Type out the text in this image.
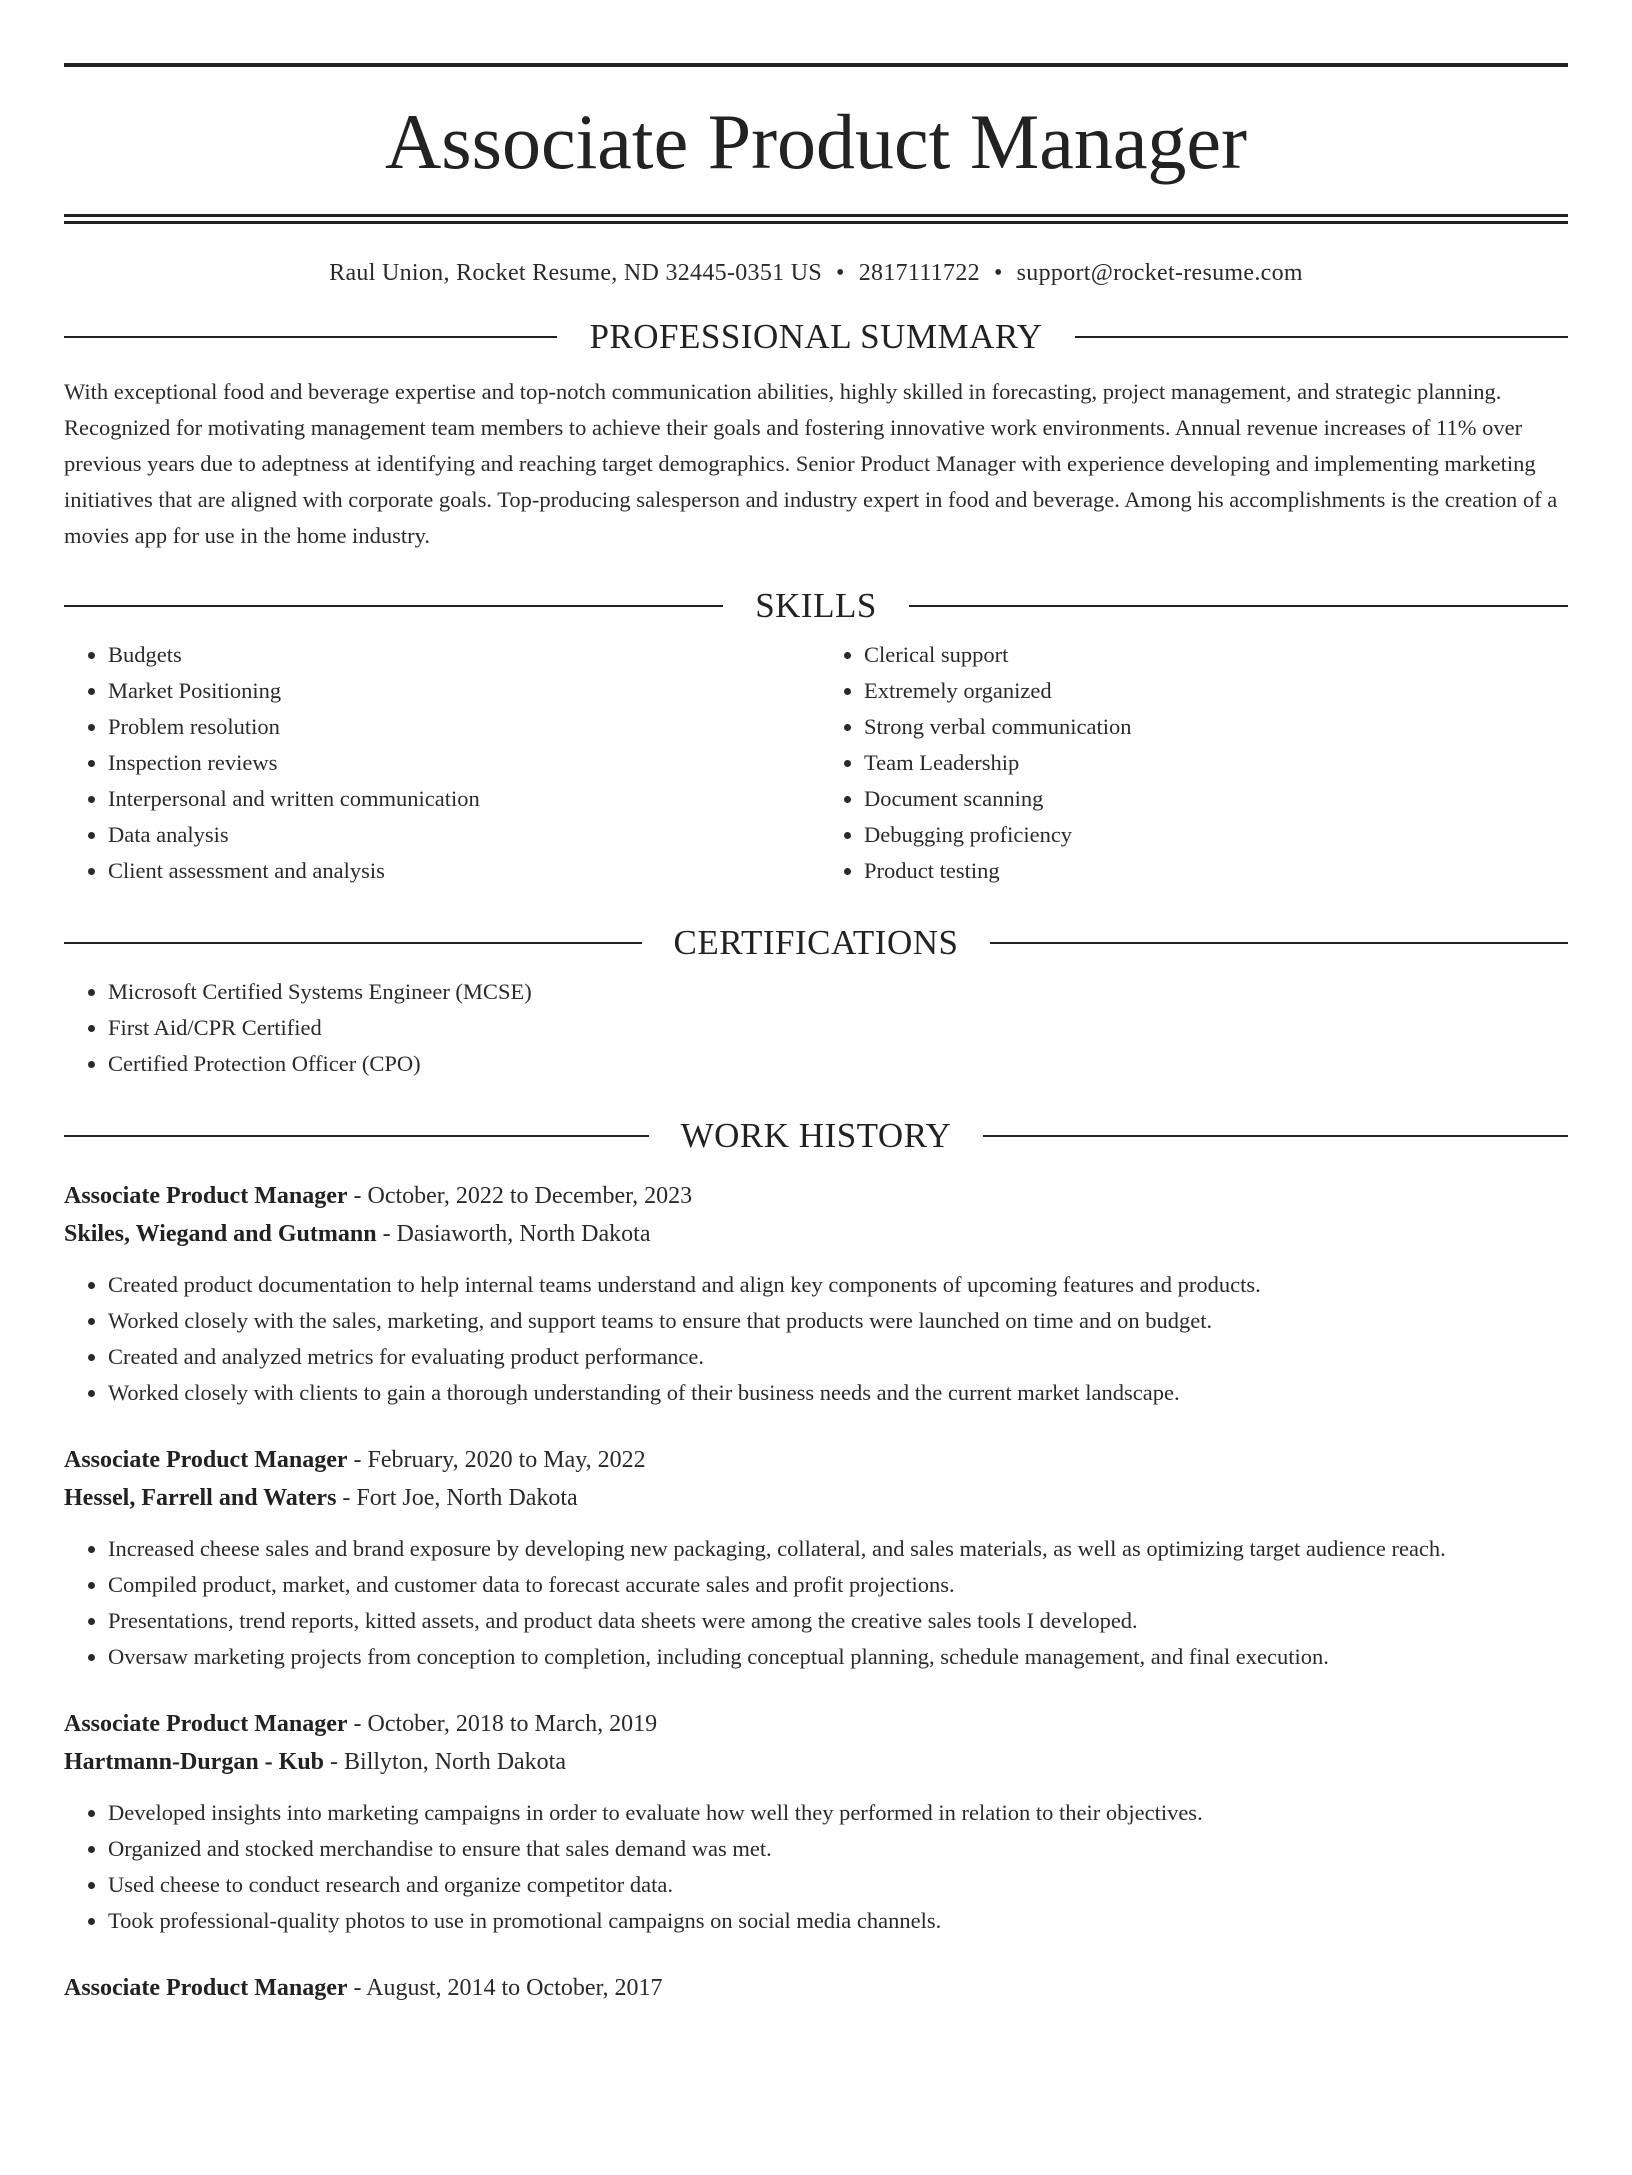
Associate Product Manager
Raul Union, Rocket Resume, ND 32445-0351 US • 2817111722 • support@rocket-resume.com
PROFESSIONAL SUMMARY

With exceptional food and beverage expertise and top-notch communication abilities, highly skilled in forecasting, project management, and strategic planning. Recognized for motivating management team members to achieve their goals and fostering innovative work environments. Annual revenue increases of 11% over previous years due to adeptness at identifying and reaching target demographics. Senior Product Manager with experience developing and implementing marketing initiatives that are aligned with corporate goals. Top-producing salesperson and industry expert in food and beverage. Among his accomplishments is the creation of a movies app for use in the home industry.

SKILLS
• Budgets
• Market Positioning
• Problem resolution
• Inspection reviews
• Interpersonal and written communication
• Data analysis
• Client assessment and analysis
• Clerical support
• Extremely organized
• Strong verbal communication
• Team Leadership
• Document scanning
• Debugging proficiency
• Product testing
CERTIFICATIONS
• Microsoft Certified Systems Engineer (MCSE)
• First Aid/CPR Certified
• Certified Protection Officer (CPO)
WORK HISTORY
Associate Product Manager - October, 2022 to December, 2023
Skiles, Wiegand and Gutmann - Dasiaworth, North Dakota
• Created product documentation to help internal teams understand and align key components of upcoming features and products.
• Worked closely with the sales, marketing, and support teams to ensure that products were launched on time and on budget.
• Created and analyzed metrics for evaluating product performance.
• Worked closely with clients to gain a thorough understanding of their business needs and the current market landscape.
Associate Product Manager - February, 2020 to May, 2022
Hessel, Farrell and Waters - Fort Joe, North Dakota
• Increased cheese sales and brand exposure by developing new packaging, collateral, and sales materials, as well as optimizing target audience reach.
• Compiled product, market, and customer data to forecast accurate sales and profit projections.
• Presentations, trend reports, kitted assets, and product data sheets were among the creative sales tools I developed.
• Oversaw marketing projects from conception to completion, including conceptual planning, schedule management, and final execution.
Associate Product Manager - October, 2018 to March, 2019
Hartmann-Durgan - Kub - Billyton, North Dakota
• Developed insights into marketing campaigns in order to evaluate how well they performed in relation to their objectives.
• Organized and stocked merchandise to ensure that sales demand was met.
• Used cheese to conduct research and organize competitor data.
• Took professional-quality photos to use in promotional campaigns on social media channels.
Associate Product Manager - August, 2014 to October, 2017
